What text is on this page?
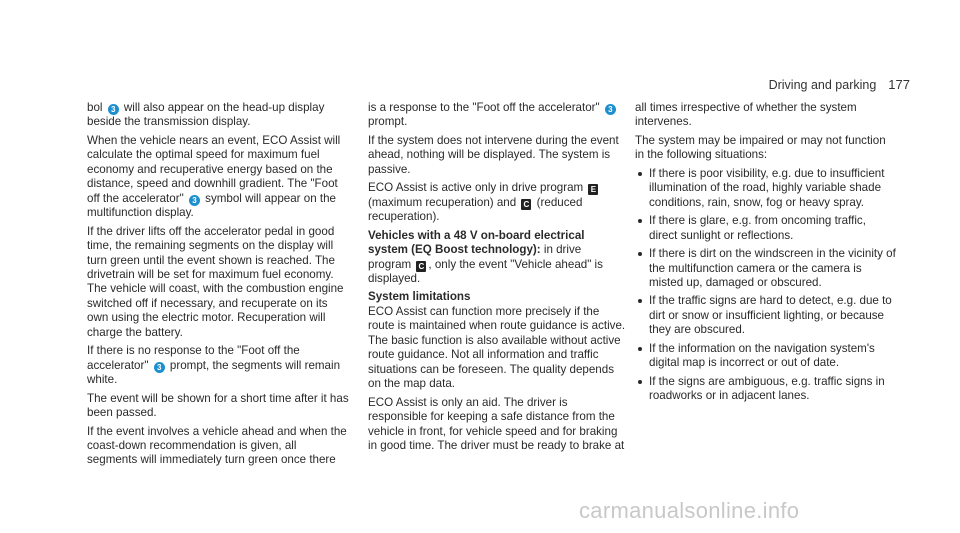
Driving and parking 177

bol 3 will also appear on the head-up display beside the transmission display.

When the vehicle nears an event, ECO Assist will calculate the optimal speed for maximum fuel economy and recuperative energy based on the distance, speed and downhill gradient. The "Foot off the accelerator" 3 symbol will appear on the multifunction display.

If the driver lifts off the accelerator pedal in good time, the remaining segments on the display will turn green until the event shown is reached. The drivetrain will be set for maximum fuel economy. The vehicle will coast, with the combustion engine switched off if necessary, and recuperate on its own using the electric motor. Recuperation will charge the battery.

If there is no response to the "Foot off the accelerator" 3 prompt, the segments will remain white.

The event will be shown for a short time after it has been passed.

If the event involves a vehicle ahead and when the coast-down recommendation is given, all segments will immediately turn green once there

is a response to the "Foot off the accelerator" 3 prompt.

If the system does not intervene during the event ahead, nothing will be displayed. The system is passive.

ECO Assist is active only in drive program E (maximum recuperation) and C (reduced recuperation).

Vehicles with a 48 V on-board electrical system (EQ Boost technology): in drive program C , only the event "Vehicle ahead" is displayed.

System limitations

ECO Assist can function more precisely if the route is maintained when route guidance is active. The basic function is also available without active route guidance. Not all information and traffic situations can be foreseen. The quality depends on the map data.

ECO Assist is only an aid. The driver is responsible for keeping a safe distance from the vehicle in front, for vehicle speed and for braking in good time. The driver must be ready to brake at

all times irrespective of whether the system intervenes.

The system may be impaired or may not function in the following situations:

If there is poor visibility, e.g. due to insufficient illumination of the road, highly variable shade conditions, rain, snow, fog or heavy spray.
If there is glare, e.g. from oncoming traffic, direct sunlight or reflections.
If there is dirt on the windscreen in the vicinity of the multifunction camera or the camera is misted up, damaged or obscured.
If the traffic signs are hard to detect, e.g. due to dirt or snow or insufficient lighting, or because they are obscured.
If the information on the navigation system's digital map is incorrect or out of date.
If the signs are ambiguous, e.g. traffic signs in roadworks or in adjacent lanes.
carmanualsonline.info
